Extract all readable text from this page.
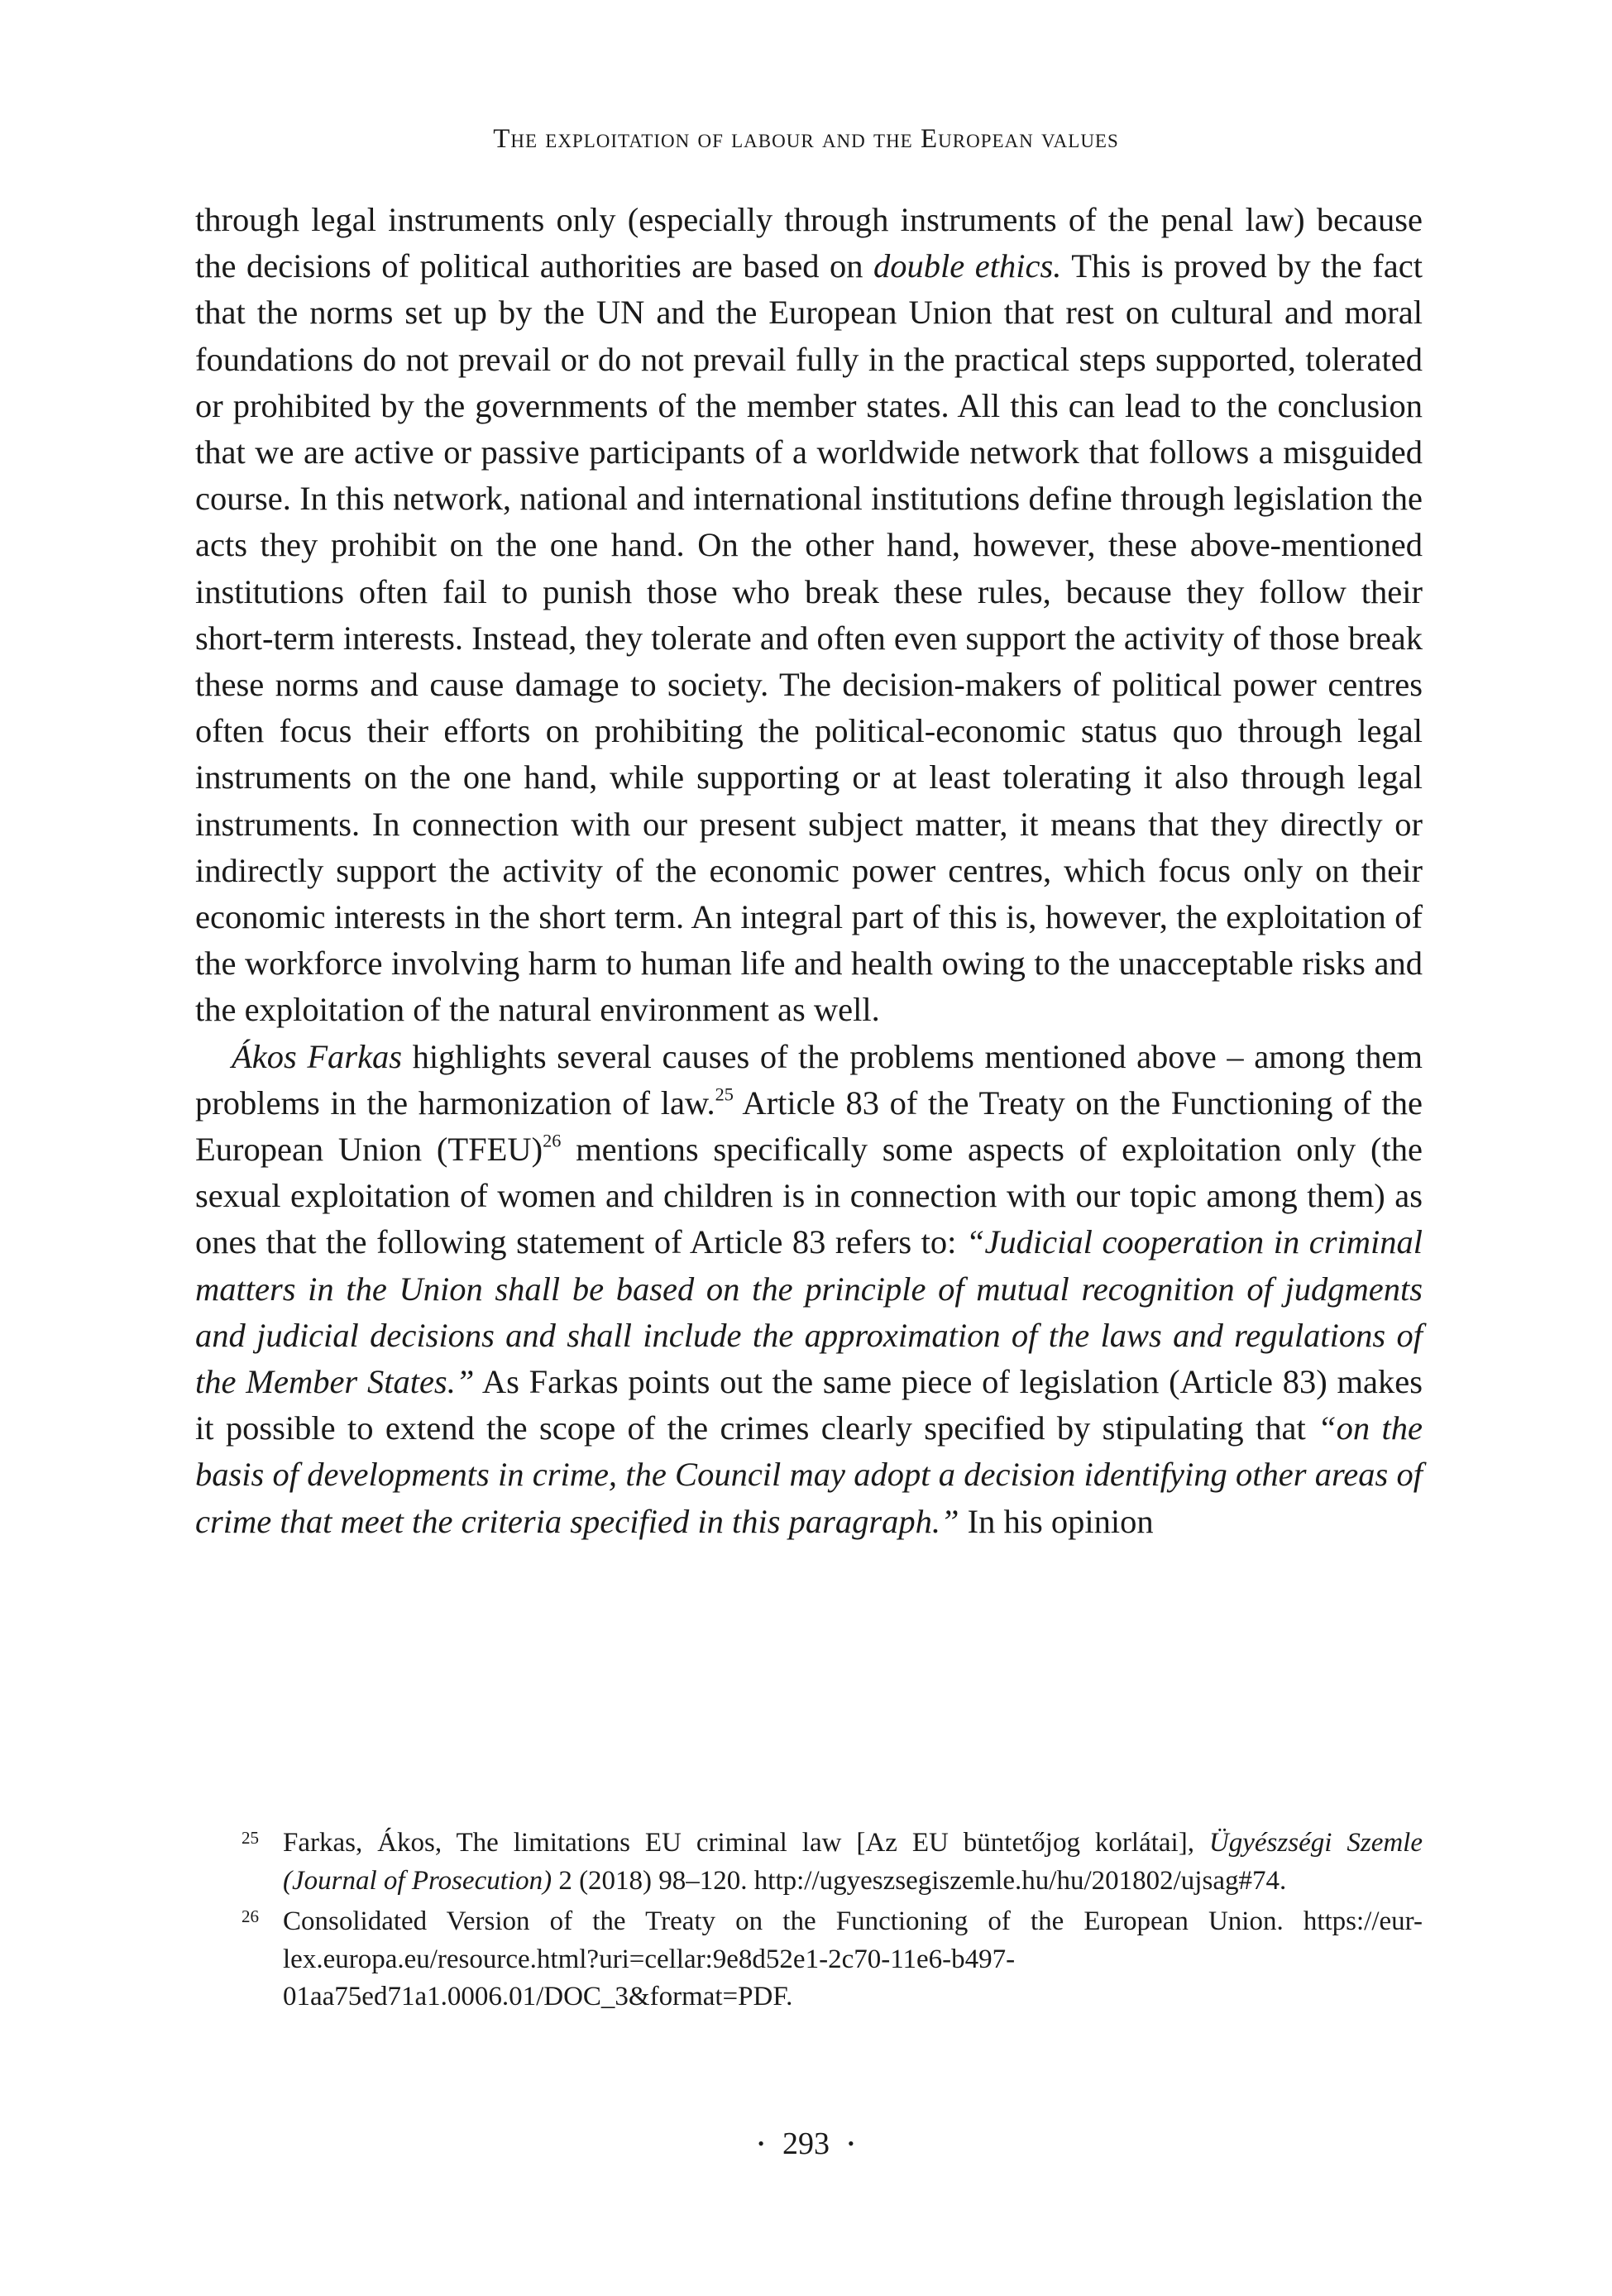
The exploitation of labour and the European values

through legal instruments only (especially through instruments of the penal law) because the decisions of political authorities are based on double ethics. This is proved by the fact that the norms set up by the UN and the European Union that rest on cultural and moral foundations do not prevail or do not prevail fully in the practical steps supported, tolerated or prohibited by the governments of the member states. All this can lead to the conclusion that we are active or passive participants of a worldwide network that follows a misguided course. In this network, national and international institutions define through legislation the acts they prohibit on the one hand. On the other hand, however, these above-mentioned institutions often fail to punish those who break these rules, because they follow their short-term interests. Instead, they tolerate and often even support the activity of those break these norms and cause damage to society. The decision-makers of political power centres often focus their efforts on prohibiting the political-economic status quo through legal instruments on the one hand, while supporting or at least tolerating it also through legal instruments. In connection with our present subject matter, it means that they directly or indirectly support the activity of the economic power centres, which focus only on their economic interests in the short term. An integral part of this is, however, the exploitation of the workforce involving harm to human life and health owing to the unacceptable risks and the exploitation of the natural environment as well.

Ákos Farkas highlights several causes of the problems mentioned above – among them problems in the harmonization of law.$^{25}$ Article 83 of the Treaty on the Functioning of the European Union (TFEU)$^{26}$ mentions specifically some aspects of exploitation only (the sexual exploitation of women and children is in connection with our topic among them) as ones that the following statement of Article 83 refers to: “Judicial cooperation in criminal matters in the Union shall be based on the principle of mutual recognition of judgments and judicial decisions and shall include the approximation of the laws and regulations of the Member States.” As Farkas points out the same piece of legislation (Article 83) makes it possible to extend the scope of the crimes clearly specified by stipulating that “on the basis of developments in crime, the Council may adopt a decision identifying other areas of crime that meet the criteria specified in this paragraph.” In his opinion

25 Farkas, Ákos, The limitations EU criminal law [Az EU büntetőjog korlátai], Ügyészségi Szemle (Journal of Prosecution) 2 (2018) 98–120. http://ugyeszsegiszemle.hu/hu/201802/ujsag#74.
26 Consolidated Version of the Treaty on the Functioning of the European Union. https://eur-lex.europa.eu/resource.html?uri=cellar:9e8d52e1-2c70-11e6-b497-01aa75ed71a1.0006.01/DOC_3&format=PDF.
• 293 •
